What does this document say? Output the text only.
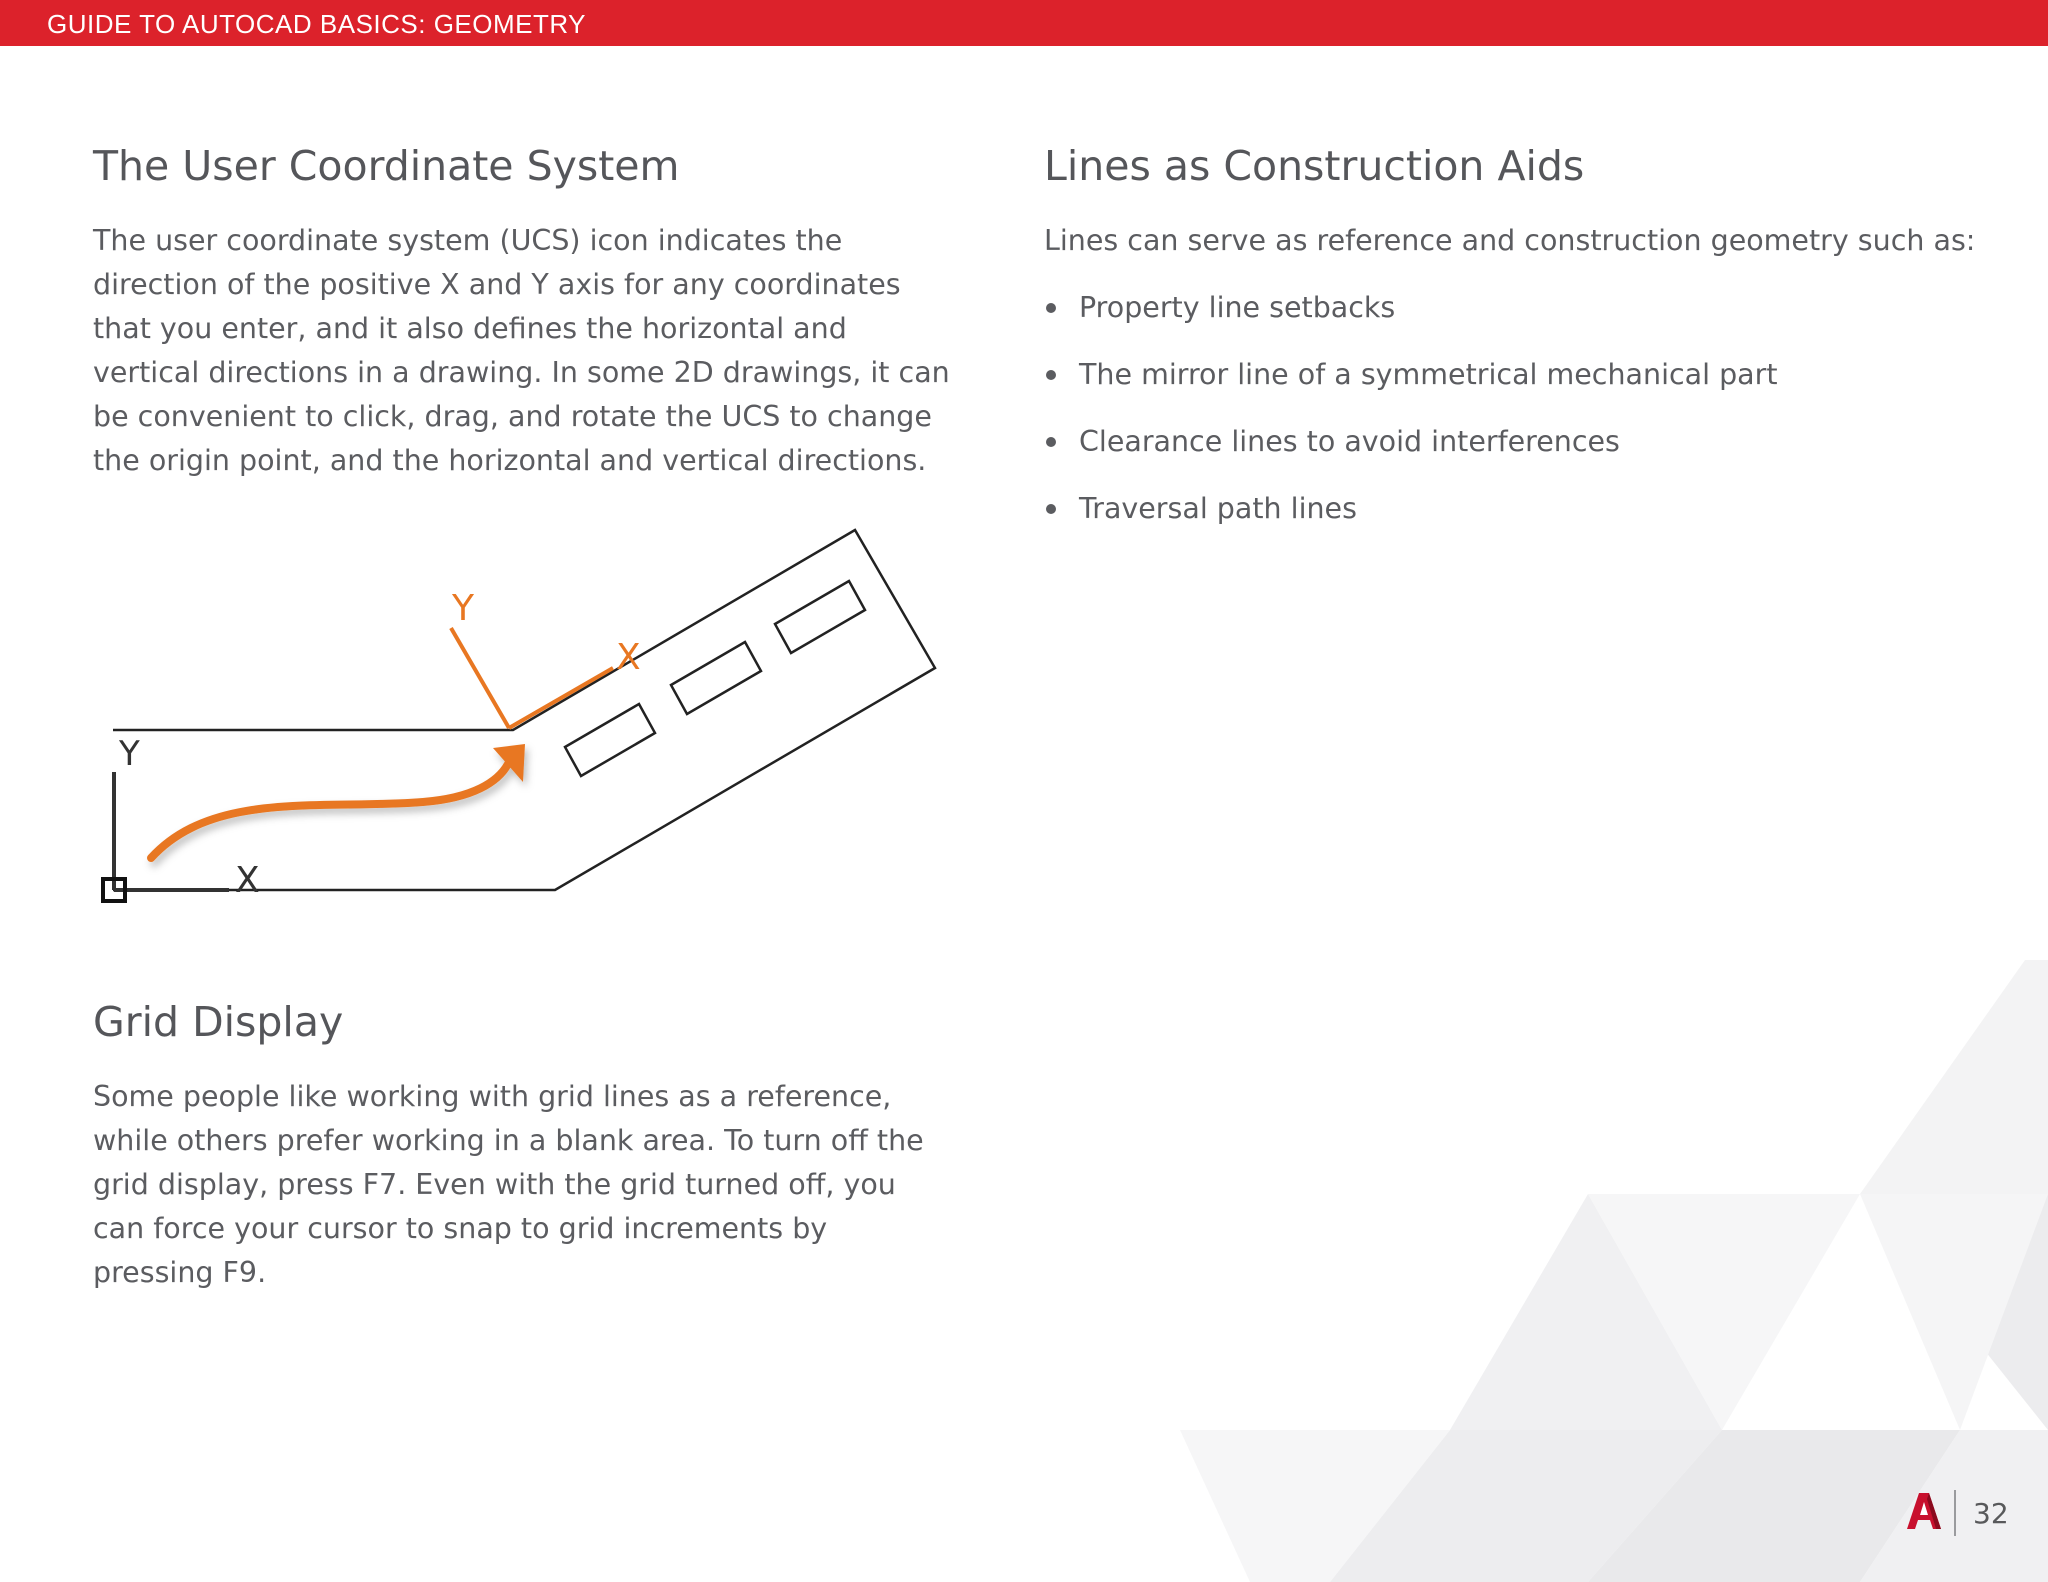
GUIDE TO AUTOCAD BASICS: GEOMETRY
The User Coordinate System

The user coordinate system (UCS) icon indicates the direction of the positive X and Y axis for any coordinates that you enter, and it also defines the horizontal and vertical directions in a drawing. In some 2D drawings, it can be convenient to click, drag, and rotate the UCS to change the origin point, and the horizontal and vertical directions.

Y
X
Y
X
Grid Display

Some people like working with grid lines as a reference, while others prefer working in a blank area. To turn off the grid display, press F7. Even with the grid turned off, you can force your cursor to snap to grid increments by pressing F9.

Lines as Construction Aids

Lines can serve as reference and construction geometry such as:

Property line setbacks
The mirror line of a symmetrical mechanical part
Clearance lines to avoid interferences
Traversal path lines
32
